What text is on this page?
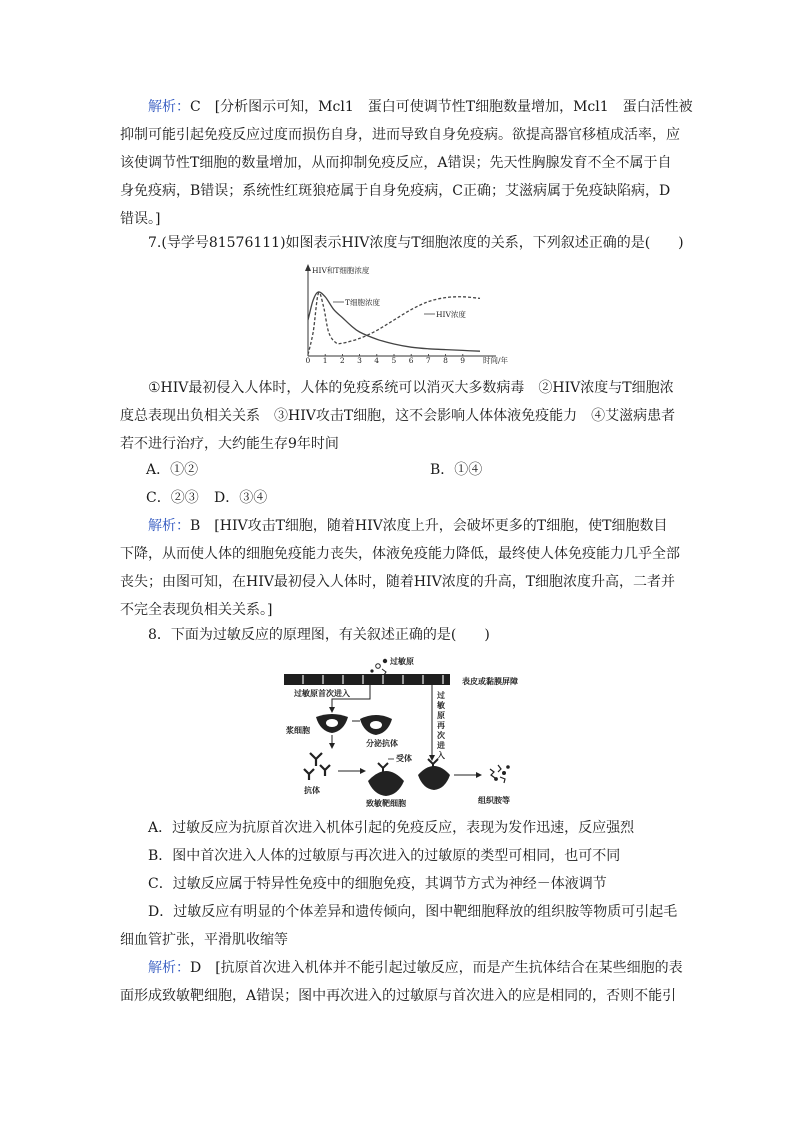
解析：C　[分析图示可知，Mcl1　蛋白可使调节性T细胞数量增加，Mcl1　蛋白活性被
抑制可能引起免疫反应过度而损伤自身，进而导致自身免疫病。欲提高器官移植成活率，应
该使调节性T细胞的数量增加，从而抑制免疫反应，A错误；先天性胸腺发育不全不属于自
身免疫病，B错误；系统性红斑狼疮属于自身免疫病，C正确；艾滋病属于免疫缺陷病，D
错误。]
7.(导学号81576111)如图表示HIV浓度与T细胞浓度的关系，下列叙述正确的是(　　)
HIV和T细胞浓度
时间/年
0 1 2 3 4 5 6 7 8 9
T细胞浓度
HIV浓度
①HIV最初侵入人体时，人体的免疫系统可以消灭大多数病毒　②HIV浓度与T细胞浓
度总表现出负相关关系　③HIV攻击T细胞，这不会影响人体体液免疫能力　④艾滋病患者
若不进行治疗，大约能生存9年时间
A．①②	B．①④
C．②③ D．③④
解析：B　[HIV攻击T细胞，随着HIV浓度上升，会破坏更多的T细胞，使T细胞数目
下降，从而使人体的细胞免疫能力丧失，体液免疫能力降低，最终使人体免疫能力几乎全部
丧失；由图可知，在HIV最初侵入人体时，随着HIV浓度的升高，T细胞浓度升高，二者并
不完全表现负相关关系。]
8．下面为过敏反应的原理图，有关叙述正确的是(　　)
表皮或黏膜屏障
过敏原
过敏原首次进入	过
敏
原
再
次
进
入
浆细胞
分泌抗体
抗体
受体
致敏靶细胞	组织胺等
A．过敏反应为抗原首次进入机体引起的免疫反应，表现为发作迅速，反应强烈
B．图中首次进入人体的过敏原与再次进入的过敏原的类型可相同，也可不同
C．过敏反应属于特异性免疫中的细胞免疫，其调节方式为神经－体液调节
D．过敏反应有明显的个体差异和遗传倾向，图中靶细胞释放的组织胺等物质可引起毛
细血管扩张，平滑肌收缩等
解析：D　[抗原首次进入机体并不能引起过敏反应，而是产生抗体结合在某些细胞的表
面形成致敏靶细胞，A错误；图中再次进入的过敏原与首次进入的应是相同的，否则不能引
